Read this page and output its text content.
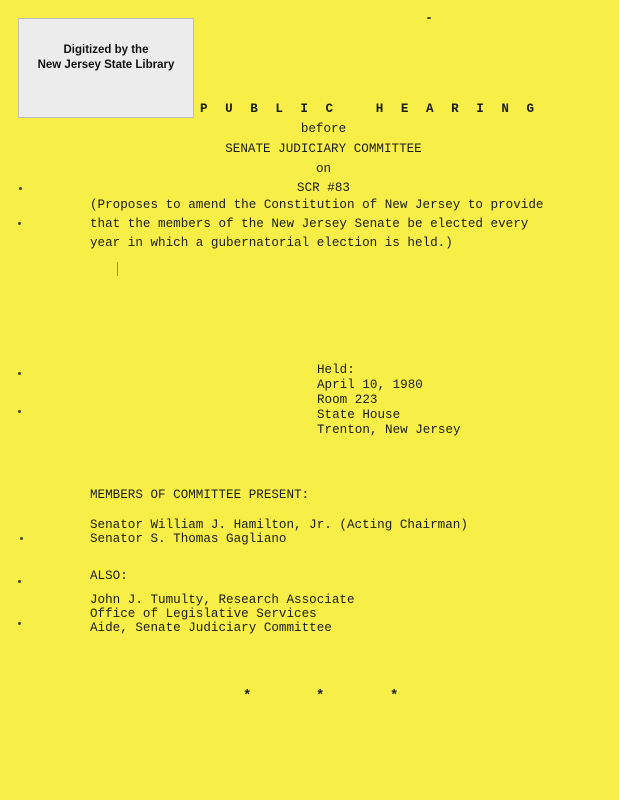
Digitized by the
New Jersey State Library
P U B L I C   H E A R I N G
before
SENATE JUDICIARY COMMITTEE
on
SCR #83
(Proposes to amend the Constitution of New Jersey to provide
that the members of the New Jersey Senate be elected every
year in which a gubernatorial election is held.)
Held:
April 10, 1980
Room 223
State House
Trenton, New Jersey
MEMBERS OF COMMITTEE PRESENT:
Senator William J. Hamilton, Jr. (Acting Chairman)
Senator S. Thomas Gagliano
ALSO:
John J. Tumulty, Research Associate
Office of Legislative Services
Aide, Senate Judiciary Committee
*	*	*
